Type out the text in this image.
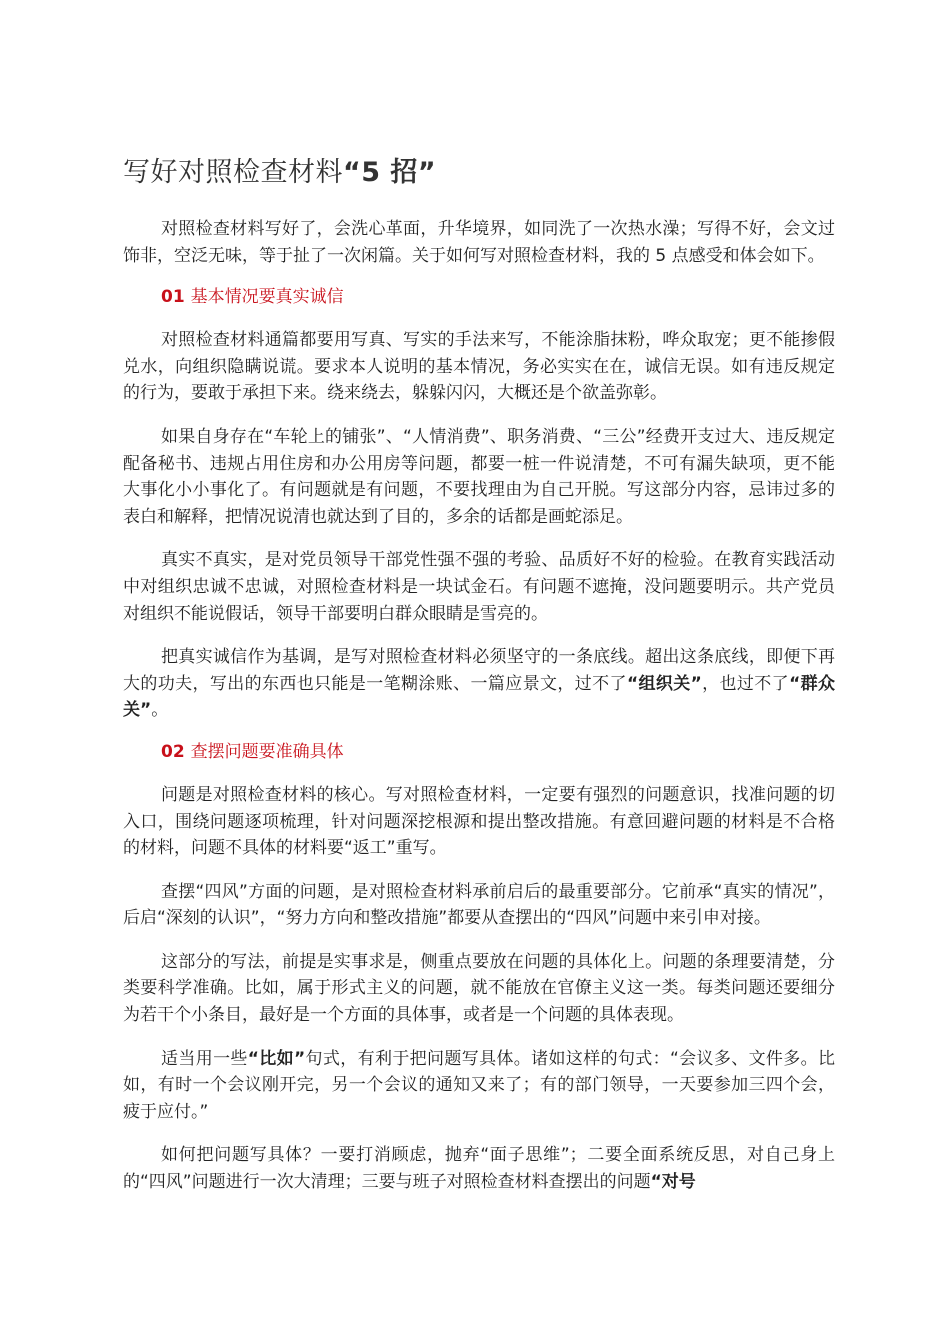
写好对照检查材料“5 招”

对照检查材料写好了，会洗心革面，升华境界，如同洗了一次热水澡；写得不好，会文过饰非，空泛无味，等于扯了一次闲篇。关于如何写对照检查材料，我的 5 点感受和体会如下。

01 基本情况要真实诚信

对照检查材料通篇都要用写真、写实的手法来写，不能涂脂抹粉，哗众取宠；更不能掺假兑水，向组织隐瞒说谎。要求本人说明的基本情况，务必实实在在，诚信无误。如有违反规定的行为，要敢于承担下来。绕来绕去，躲躲闪闪，大概还是个欲盖弥彰。

如果自身存在“车轮上的铺张”、“人情消费”、职务消费、“三公”经费开支过大、违反规定配备秘书、违规占用住房和办公用房等问题，都要一桩一件说清楚，不可有漏失缺项，更不能大事化小小事化了。有问题就是有问题，不要找理由为自己开脱。写这部分内容，忌讳过多的表白和解释，把情况说清也就达到了目的，多余的话都是画蛇添足。

真实不真实，是对党员领导干部党性强不强的考验、品质好不好的检验。在教育实践活动中对组织忠诚不忠诚，对照检查材料是一块试金石。有问题不遮掩，没问题要明示。共产党员对组织不能说假话，领导干部要明白群众眼睛是雪亮的。

把真实诚信作为基调，是写对照检查材料必须坚守的一条底线。超出这条底线，即便下再大的功夫，写出的东西也只能是一笔糊涂账、一篇应景文，过不了“组织关”，也过不了“群众关”。

02 查摆问题要准确具体

问题是对照检查材料的核心。写对照检查材料，一定要有强烈的问题意识，找准问题的切入口，围绕问题逐项梳理，针对问题深挖根源和提出整改措施。有意回避问题的材料是不合格的材料，问题不具体的材料要“返工”重写。

查摆“四风”方面的问题，是对照检查材料承前启后的最重要部分。它前承“真实的情况”，后启“深刻的认识”，“努力方向和整改措施”都要从查摆出的“四风”问题中来引申对接。

这部分的写法，前提是实事求是，侧重点要放在问题的具体化上。问题的条理要清楚，分类要科学准确。比如，属于形式主义的问题，就不能放在官僚主义这一类。每类问题还要细分为若干个小条目，最好是一个方面的具体事，或者是一个问题的具体表现。

适当用一些“比如”句式，有利于把问题写具体。诸如这样的句式：“会议多、文件多。比如，有时一个会议刚开完，另一个会议的通知又来了；有的部门领导，一天要参加三四个会，疲于应付。”

如何把问题写具体？一要打消顾虑，抛弃“面子思维”；二要全面系统反思，对自己身上的“四风”问题进行一次大清理；三要与班子对照检查材料查摆出的问题“对号
